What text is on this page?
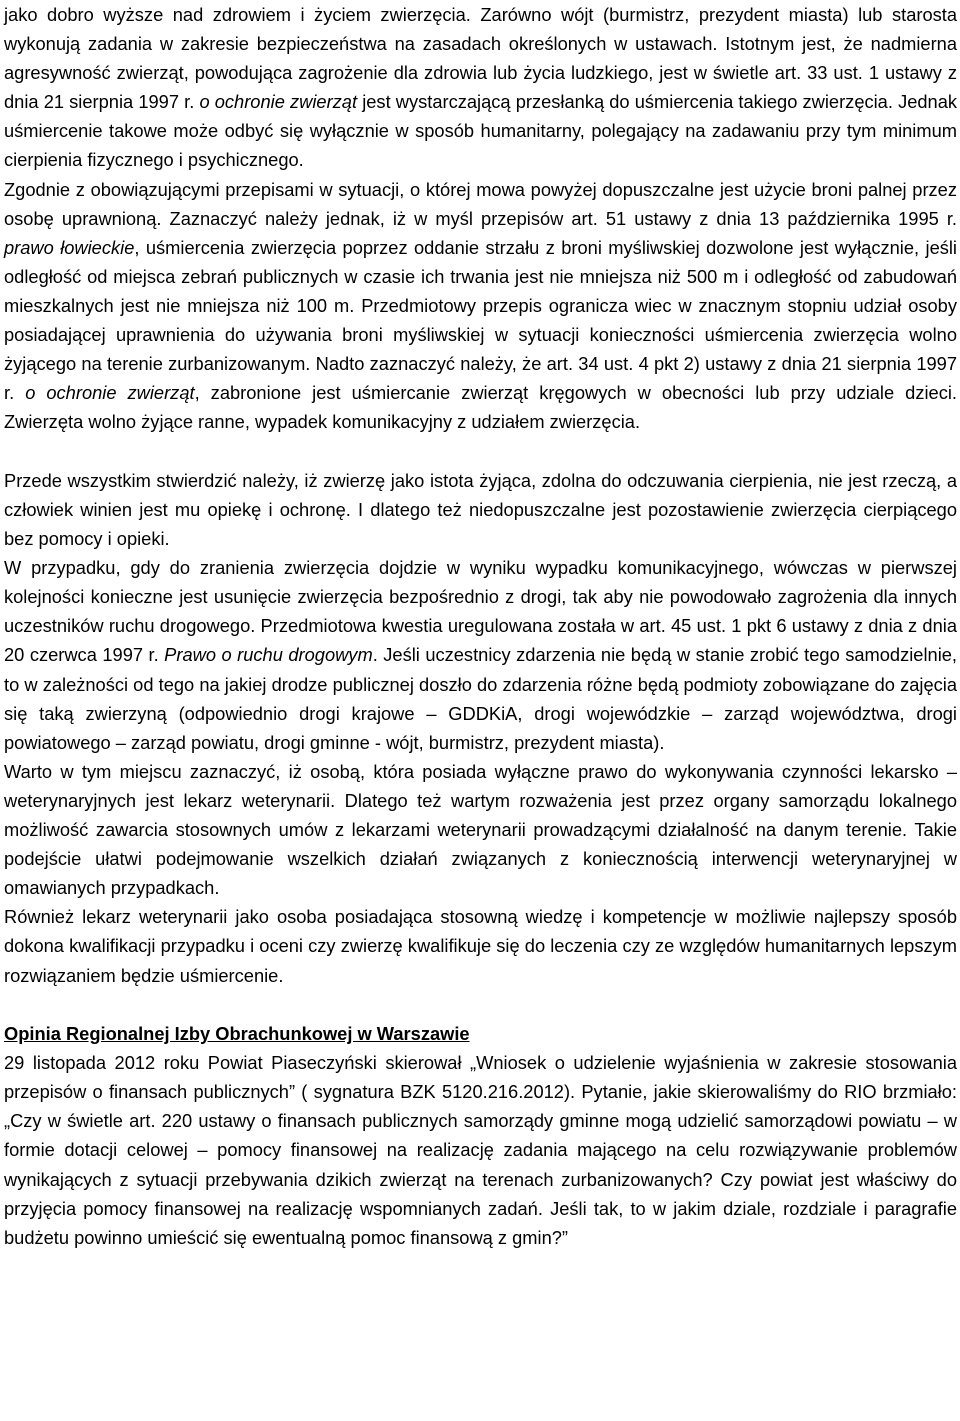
jako dobro wyższe nad zdrowiem i życiem zwierzęcia. Zarówno wójt (burmistrz, prezydent miasta) lub starosta wykonują zadania w zakresie bezpieczeństwa na zasadach określonych w ustawach. Istotnym jest, że nadmierna agresywność zwierząt, powodująca zagrożenie dla zdrowia lub życia ludzkiego, jest w świetle art. 33 ust. 1 ustawy z dnia 21 sierpnia 1997 r. o ochronie zwierząt jest wystarczającą przesłanką do uśmiercenia takiego zwierzęcia. Jednak uśmiercenie takowe może odbyć się wyłącznie w sposób humanitarny, polegający na zadawaniu przy tym minimum cierpienia fizycznego i psychicznego.

Zgodnie z obowiązującymi przepisami w sytuacji, o której mowa powyżej dopuszczalne jest użycie broni palnej przez osobę uprawnioną. Zaznaczyć należy jednak, iż w myśl przepisów art. 51 ustawy z dnia 13 października 1995 r. prawo łowieckie, uśmiercenia zwierzęcia poprzez oddanie strzału z broni myśliwskiej dozwolone jest wyłącznie, jeśli odległość od miejsca zebrań publicznych w czasie ich trwania jest nie mniejsza niż 500 m i odległość od zabudowań mieszkalnych jest nie mniejsza niż 100 m. Przedmiotowy przepis ogranicza wiec w znacznym stopniu udział osoby posiadającej uprawnienia do używania broni myśliwskiej w sytuacji konieczności uśmiercenia zwierzęcia wolno żyjącego na terenie zurbanizowanym. Nadto zaznaczyć należy, że art. 34 ust. 4 pkt 2) ustawy z dnia 21 sierpnia 1997 r. o ochronie zwierząt, zabronione jest uśmiercanie zwierząt kręgowych w obecności lub przy udziale dzieci. Zwierzęta wolno żyjące ranne, wypadek komunikacyjny z udziałem zwierzęcia.

Przede wszystkim stwierdzić należy, iż zwierzę jako istota żyjąca, zdolna do odczuwania cierpienia, nie jest rzeczą, a człowiek winien jest mu opiekę i ochronę. I dlatego też niedopuszczalne jest pozostawienie zwierzęcia cierpiącego bez pomocy i opieki.

W przypadku, gdy do zranienia zwierzęcia dojdzie w wyniku wypadku komunikacyjnego, wówczas w pierwszej kolejności konieczne jest usunięcie zwierzęcia bezpośrednio z drogi, tak aby nie powodowało zagrożenia dla innych uczestników ruchu drogowego. Przedmiotowa kwestia uregulowana została w art. 45 ust. 1 pkt 6 ustawy z dnia z dnia 20 czerwca 1997 r. Prawo o ruchu drogowym. Jeśli uczestnicy zdarzenia nie będą w stanie zrobić tego samodzielnie, to w zależności od tego na jakiej drodze publicznej doszło do zdarzenia różne będą podmioty zobowiązane do zajęcia się taką zwierzyną (odpowiednio drogi krajowe – GDDKiA, drogi wojewódzkie – zarząd województwa, drogi powiatowego – zarząd powiatu, drogi gminne - wójt, burmistrz, prezydent miasta).

Warto w tym miejscu zaznaczyć, iż osobą, która posiada wyłączne prawo do wykonywania czynności lekarsko – weterynaryjnych jest lekarz weterynarii. Dlatego też wartym rozważenia jest przez organy samorządu lokalnego możliwość zawarcia stosownych umów z lekarzami weterynarii prowadzącymi działalność na danym terenie. Takie podejście ułatwi podejmowanie wszelkich działań związanych z koniecznością interwencji weterynaryjnej w omawianych przypadkach.

Również lekarz weterynarii jako osoba posiadająca stosowną wiedzę i kompetencje w możliwie najlepszy sposób dokona kwalifikacji przypadku i oceni czy zwierzę kwalifikuje się do leczenia czy ze względów humanitarnych lepszym rozwiązaniem będzie uśmiercenie.

Opinia Regionalnej Izby Obrachunkowej w Warszawie

29 listopada 2012 roku Powiat Piaseczyński skierował „Wniosek o udzielenie wyjaśnienia w zakresie stosowania przepisów o finansach publicznych” ( sygnatura BZK 5120.216.2012). Pytanie, jakie skierowaliśmy do RIO brzmiało: „Czy w świetle art. 220 ustawy o finansach publicznych samorządy gminne mogą udzielić samorządowi powiatu – w formie dotacji celowej – pomocy finansowej na realizację zadania mającego na celu rozwiązywanie problemów wynikających z sytuacji przebywania dzikich zwierząt na terenach zurbanizowanych? Czy powiat jest właściwy do przyjęcia pomocy finansowej na realizację wspomnianych zadań. Jeśli tak, to w jakim dziale, rozdziale i paragrafie budżetu powinno umieścić się ewentualną pomoc finansową z gmin?”
